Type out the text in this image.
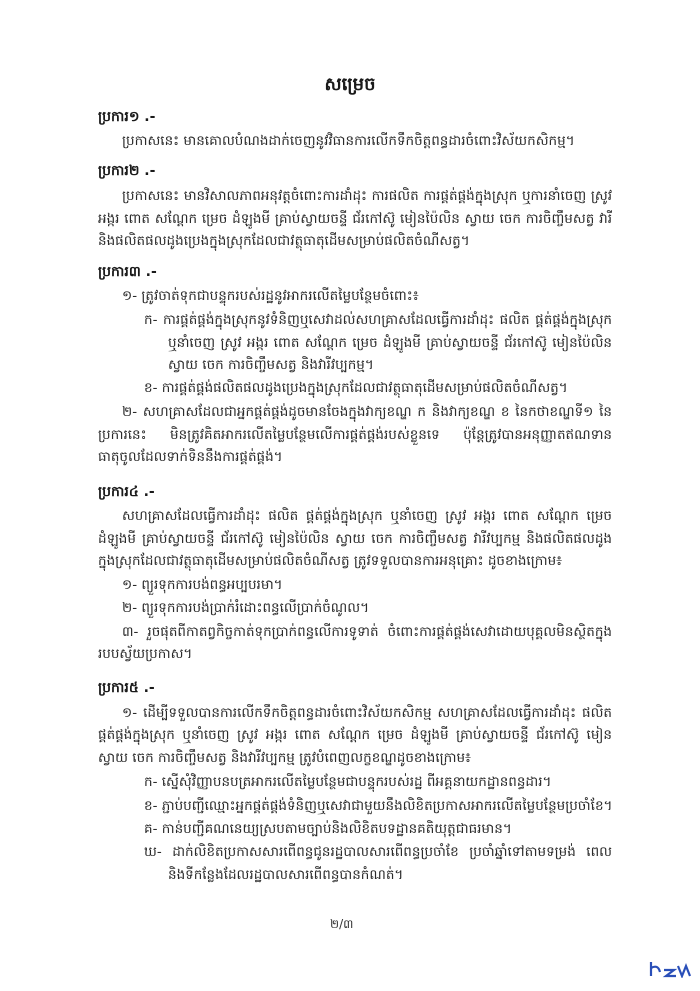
សម្រេច
ប្រការ១ .-
ប្រកាសនេះ មានគោលបំណងដាក់ចេញនូវវិធានការលើកទឹកចិត្តពន្ធដារចំពោះវិស័យកសិកម្ម។
ប្រការ២ .-
ប្រកាសនេះ មានវិសាលភាពអនុវត្តចំពោះការដាំដុះ ការផលិត ការផ្គត់ផ្គង់ក្នុងស្រុក ឬការនាំចេញ ស្រូវ
អង្ករ ពោត សណ្តែក ម្រេច ដំឡូងមី គ្រាប់ស្វាយចន្ទី ជ័រកៅស៊ូ មៀនប៉ៃលិន ស្វាយ ចេក ការចិញ្ចឹមសត្វ វារី
និងផលិតផលដូងប្រេងក្នុងស្រុកដែលជាវត្ថុធាតុដើមសម្រាប់ផលិតចំណីសត្វ។
ប្រការ៣ .-
១- ត្រូវចាត់ទុកជាបន្ទុករបស់រដ្ឋនូវអាករលើតម្លៃបន្ថែមចំពោះ៖
ក- ការផ្គត់ផ្គង់ក្នុងស្រុកនូវទំនិញឬសេវាដល់សហគ្រាសដែលធ្វើការដាំដុះ ផលិត ផ្គត់ផ្គង់ក្នុងស្រុក
ឬនាំចេញ ស្រូវ អង្ករ ពោត សណ្តែក ម្រេច ដំឡូងមី គ្រាប់ស្វាយចន្ទី ជ័រកៅស៊ូ មៀនប៉ៃលិន
ស្វាយ ចេក ការចិញ្ចឹមសត្វ និងវារីវប្បកម្ម។
ខ- ការផ្គត់ផ្គង់ផលិតផលដូងប្រេងក្នុងស្រុកដែលជាវត្ថុធាតុដើមសម្រាប់ផលិតចំណីសត្វ។
២- សហគ្រាសដែលជាអ្នកផ្គត់ផ្គង់ដូចមានចែងក្នុងវាក្យខណ្ឌ ក និងវាក្យខណ្ឌ ខ នៃកថាខណ្ឌទី១ នៃ
ប្រការនេះ មិនត្រូវគិតអាករលើតម្លៃបន្ថែមលើការផ្គត់ផ្គង់របស់ខ្លួនទេ ប៉ុន្តែត្រូវបានអនុញ្ញាតឥណទាន
ធាតុចូលដែលទាក់ទិននឹងការផ្គត់ផ្គង់។
ប្រការ៤ .-
សហគ្រាសដែលធ្វើការដាំដុះ ផលិត ផ្គត់ផ្គង់ក្នុងស្រុក ឬនាំចេញ ស្រូវ អង្ករ ពោត សណ្តែក ម្រេច
ដំឡូងមី គ្រាប់ស្វាយចន្ទី ជ័រកៅស៊ូ មៀនប៉ៃលិន ស្វាយ ចេក ការចិញ្ចឹមសត្វ វារីវប្បកម្ម និងផលិតផលដូង
ក្នុងស្រុកដែលជាវត្ថុធាតុដើមសម្រាប់ផលិតចំណីសត្វ ត្រូវទទួលបានការអនុគ្រោះ ដូចខាងក្រោម៖
១- ព្យួរទុកការបង់ពន្ធអប្បបរមា។
២- ព្យួរទុកការបង់ប្រាក់រំដោះពន្ធលើប្រាក់ចំណូល។
៣- រួចផុតពីកាតព្វកិច្ចកាត់ទុកប្រាក់ពន្ធលើការទូទាត់ ចំពោះការផ្គត់ផ្គង់សេវាដោយបុគ្គលមិនស្ថិតក្នុង
របបស្វ័យប្រកាស។
ប្រការ៥ .-
១- ដើម្បីទទួលបានការលើកទឹកចិត្តពន្ធដារចំពោះវិស័យកសិកម្ម សហគ្រាសដែលធ្វើការដាំដុះ ផលិត
ផ្គត់ផ្គង់ក្នុងស្រុក ឬនាំចេញ ស្រូវ អង្ករ ពោត សណ្តែក ម្រេច ដំឡូងមី គ្រាប់ស្វាយចន្ទី ជ័រកៅស៊ូ មៀន
ស្វាយ ចេក ការចិញ្ចឹមសត្វ និងវារីវប្បកម្ម ត្រូវបំពេញលក្ខខណ្ឌដូចខាងក្រោម៖
ក- ស្នើសុំវិញ្ញាបនបត្រអាករលើតម្លៃបន្ថែមជាបន្ទុករបស់រដ្ឋ ពីអគ្គនាយកដ្ឋានពន្ធដារ។
ខ- ភ្ជាប់បញ្ជីឈ្មោះអ្នកផ្គត់ផ្គង់ទំនិញឬសេវាជាមួយនឹងលិខិតប្រកាសអាករលើតម្លៃបន្ថែមប្រចាំខែ។
គ- កាន់បញ្ជីគណនេយ្យស្របតាមច្បាប់និងលិខិតបទដ្ឋានគតិយុត្តជាធរមាន។
ឃ- ដាក់លិខិតប្រកាសសារពើពន្ធជូនរដ្ឋបាលសារពើពន្ធប្រចាំខែ ប្រចាំឆ្នាំទៅតាមទម្រង់ ពេល
និងទីកន្លែងដែលរដ្ឋបាលសារពើពន្ធបានកំណត់។
២/៣
